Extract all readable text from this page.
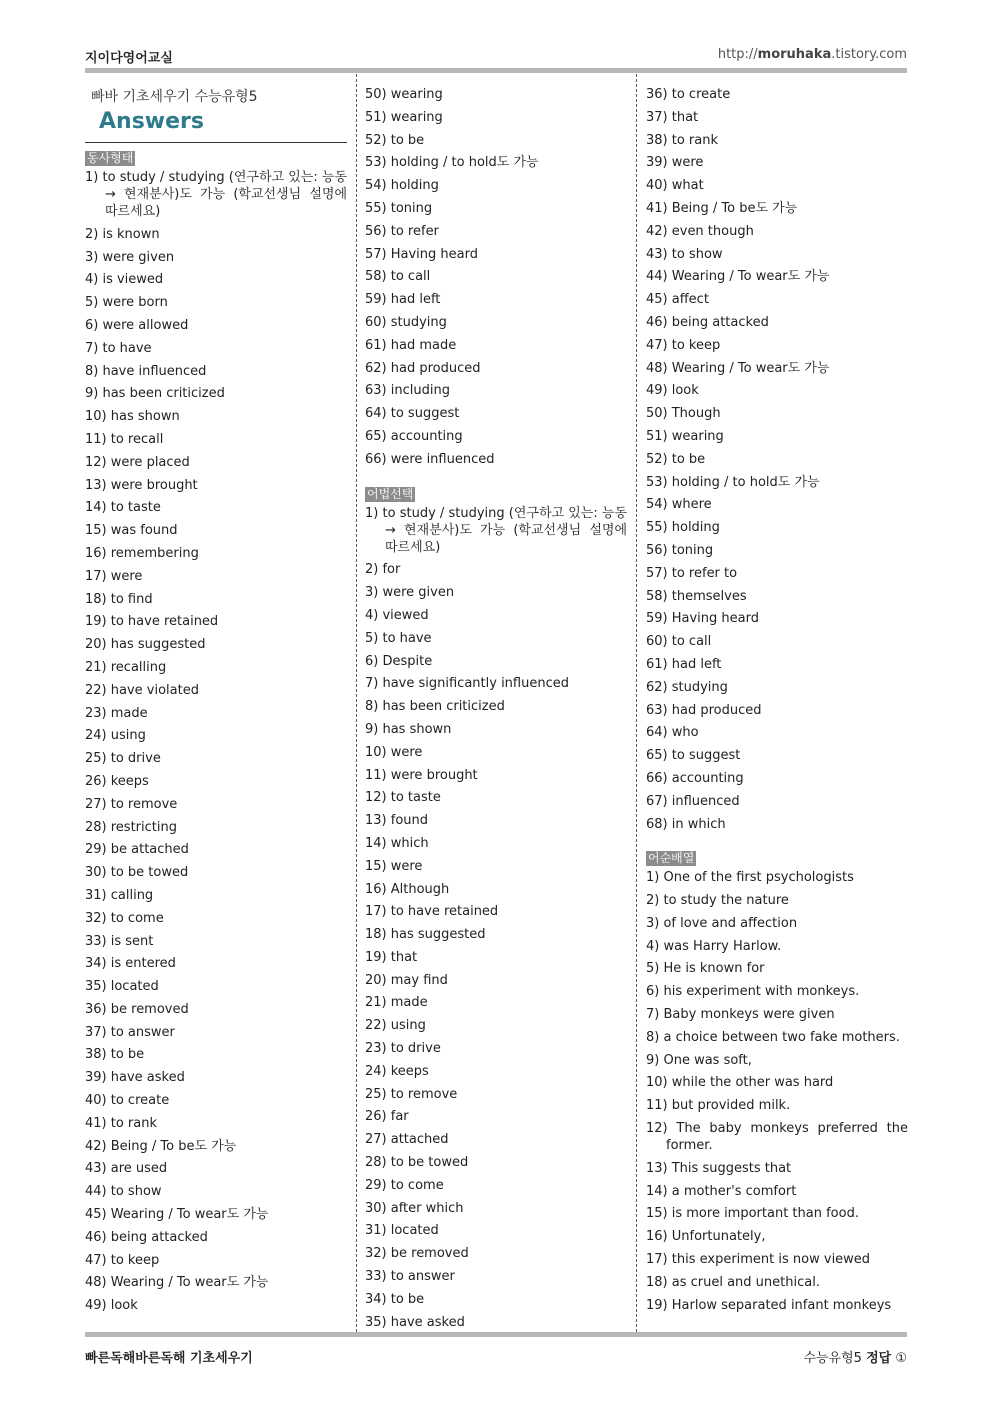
지이다영어교실	http://moruhaka.tistory.com
빠바 기초세우기 수능유형5
Answers
동사형태
1) to study / studying (연구하고 있는: 능동 → 현재분사)도 가능 (학교선생님 설명에 따르세요)
2) is known
3) were given
4) is viewed
5) were born
6) were allowed
7) to have
8) have influenced
9) has been criticized
10) has shown
11) to recall
12) were placed
13) were brought
14) to taste
15) was found
16) remembering
17) were
18) to find
19) to have retained
20) has suggested
21) recalling
22) have violated
23) made
24) using
25) to drive
26) keeps
27) to remove
28) restricting
29) be attached
30) to be towed
31) calling
32) to come
33) is sent
34) is entered
35) located
36) be removed
37) to answer
38) to be
39) have asked
40) to create
41) to rank
42) Being / To be도 가능
43) are used
44) to show
45) Wearing / To wear도 가능
46) being attacked
47) to keep
48) Wearing / To wear도 가능
49) look
50) wearing
51) wearing
52) to be
53) holding / to hold도 가능
54) holding
55) toning
56) to refer
57) Having heard
58) to call
59) had left
60) studying
61) had made
62) had produced
63) including
64) to suggest
65) accounting
66) were influenced
어법선택
1) to study / studying (연구하고 있는: 능동 → 현재분사)도 가능 (학교선생님 설명에 따르세요)
2) for
3) were given
4) viewed
5) to have
6) Despite
7) have significantly influenced
8) has been criticized
9) has shown
10) were
11) were brought
12) to taste
13) found
14) which
15) were
16) Although
17) to have retained
18) has suggested
19) that
20) may find
21) made
22) using
23) to drive
24) keeps
25) to remove
26) far
27) attached
28) to be towed
29) to come
30) after which
31) located
32) be removed
33) to answer
34) to be
35) have asked
36) to create
37) that
38) to rank
39) were
40) what
41) Being / To be도 가능
42) even though
43) to show
44) Wearing / To wear도 가능
45) affect
46) being attacked
47) to keep
48) Wearing / To wear도 가능
49) look
50) Though
51) wearing
52) to be
53) holding / to hold도 가능
54) where
55) holding
56) toning
57) to refer to
58) themselves
59) Having heard
60) to call
61) had left
62) studying
63) had produced
64) who
65) to suggest
66) accounting
67) influenced
68) in which
어순배열
1) One of the first psychologists
2) to study the nature
3) of love and affection
4) was Harry Harlow.
5) He is known for
6) his experiment with monkeys.
7) Baby monkeys were given
8) a choice between two fake mothers.
9) One was soft,
10) while the other was hard
11) but provided milk.
12) The baby monkeys preferred the former.
13) This suggests that
14) a mother's comfort
15) is more important than food.
16) Unfortunately,
17) this experiment is now viewed
18) as cruel and unethical.
19) Harlow separated infant monkeys
빠른독해바른독해 기초세우기	수능유형5 정답 ①
